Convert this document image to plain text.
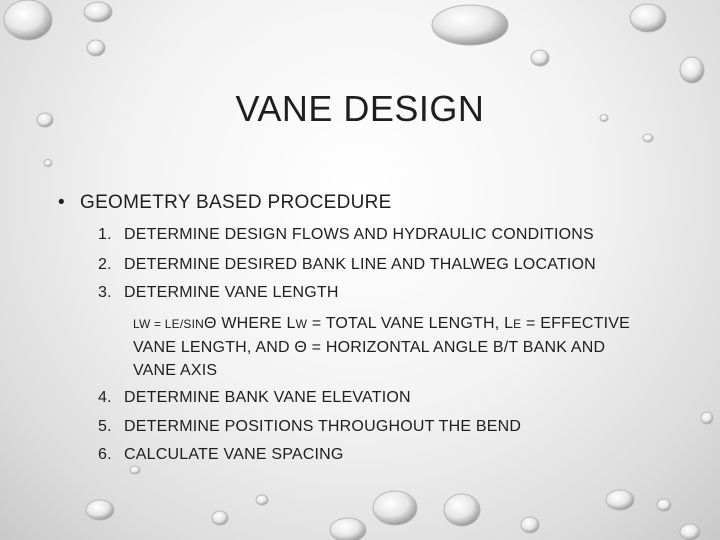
VANE DESIGN
• GEOMETRY BASED PROCEDURE
1. DETERMINE DESIGN FLOWS AND HYDRAULIC CONDITIONS
2. DETERMINE DESIRED BANK LINE AND THALWEG LOCATION
3. DETERMINE VANE LENGTH
LW = LE/SINΘ WHERE LW = TOTAL VANE LENGTH, LE = EFFECTIVE VANE LENGTH, AND Θ = HORIZONTAL ANGLE B/T BANK AND VANE AXIS
4. DETERMINE BANK VANE ELEVATION
5. DETERMINE POSITIONS THROUGHOUT THE BEND
6. CALCULATE VANE SPACING
